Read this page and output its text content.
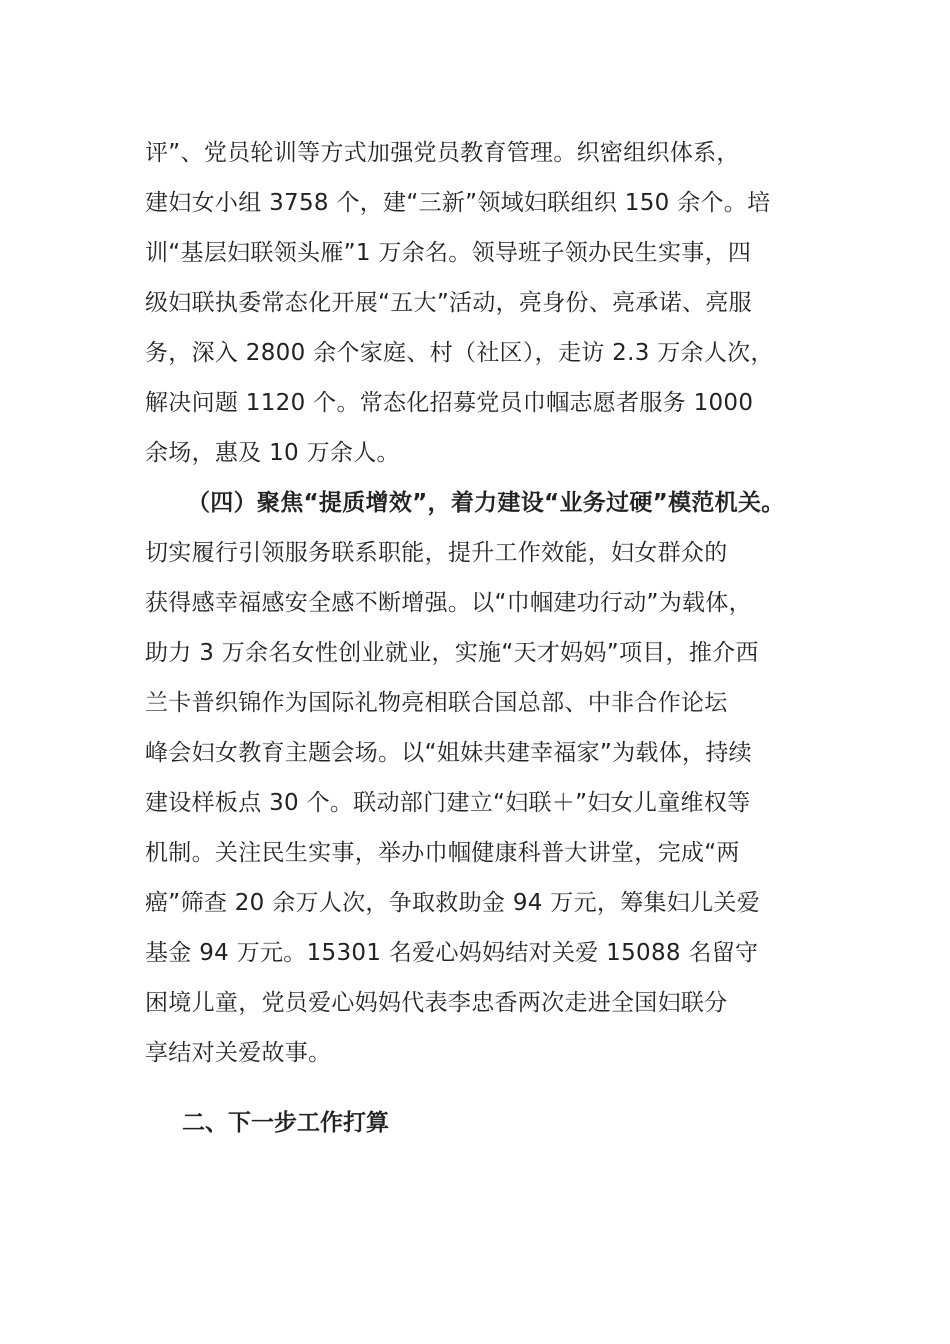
评”、党员轮训等方式加强党员教育管理。织密组织体系，
建妇女小组 3758 个，建“三新”领域妇联组织 150 余个。培
训“基层妇联领头雁”1 万余名。领导班子领办民生实事，四
级妇联执委常态化开展“五大”活动，亮身份、亮承诺、亮服
务，深入 2800 余个家庭、村（社区），走访 2.3 万余人次，
解决问题 1120 个。常态化招募党员巾帼志愿者服务 1000
余场，惠及 10 万余人。
（四）聚焦“提质增效”，着力建设“业务过硬”模范机关。
切实履行引领服务联系职能，提升工作效能，妇女群众的
获得感幸福感安全感不断增强。以“巾帼建功行动”为载体，
助力 3 万余名女性创业就业，实施“天才妈妈”项目，推介西
兰卡普织锦作为国际礼物亮相联合国总部、中非合作论坛
峰会妇女教育主题会场。以“姐妹共建幸福家”为载体，持续
建设样板点 30 个。联动部门建立“妇联＋”妇女儿童维权等
机制。关注民生实事，举办巾帼健康科普大讲堂，完成“两
癌”筛查 20 余万人次，争取救助金 94 万元，筹集妇儿关爱
基金 94 万元。15301 名爱心妈妈结对关爱 15088 名留守
困境儿童，党员爱心妈妈代表李忠香两次走进全国妇联分
享结对关爱故事。
二、下一步工作打算
